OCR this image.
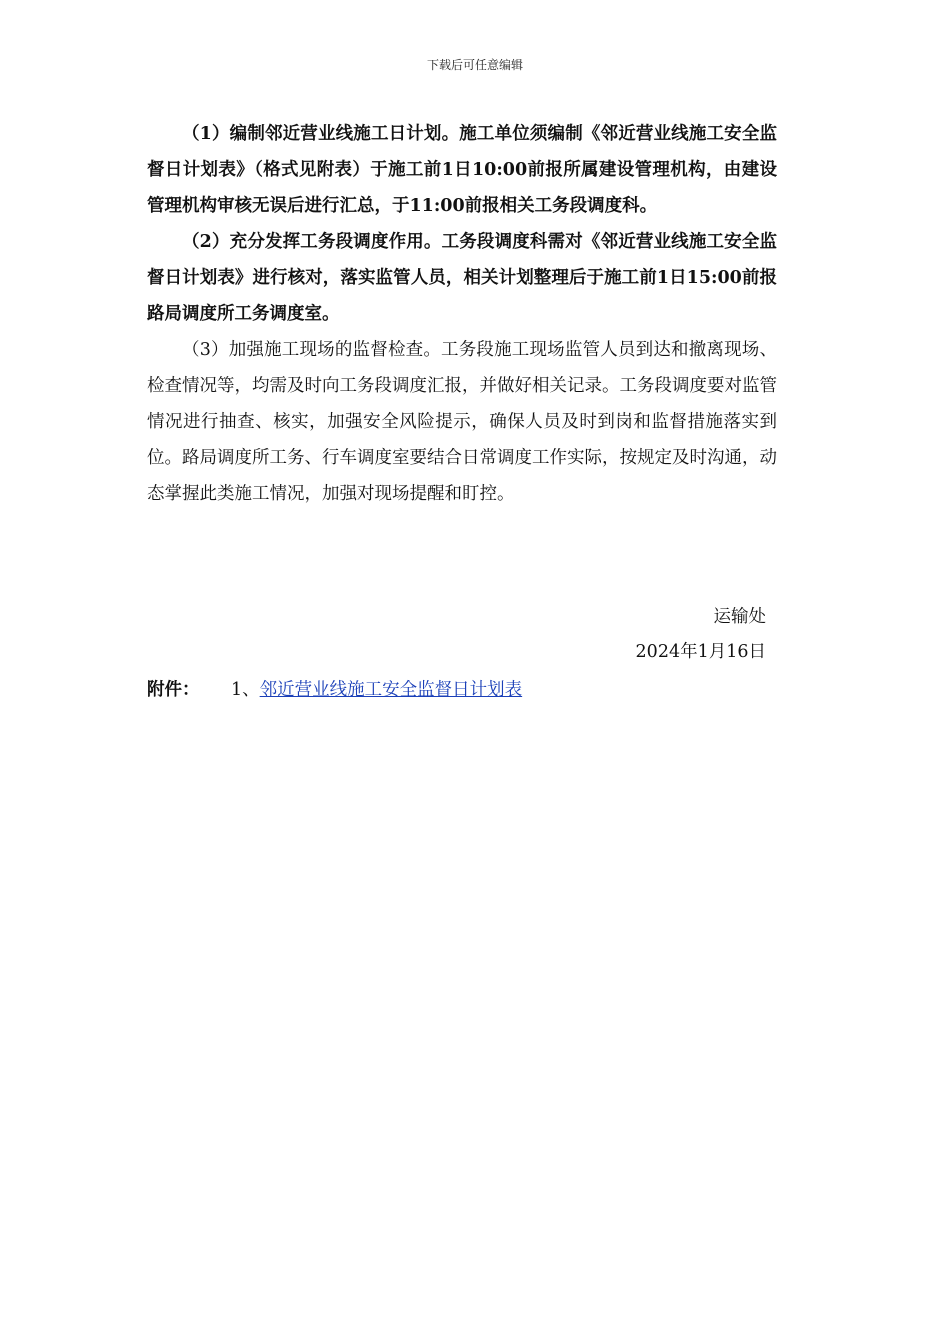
下载后可任意编辑

（1）编制邻近营业线施工日计划。施工单位须编制《邻近营业线施工安全监督日计划表》（格式见附表）于施工前1日10:00前报所属建设管理机构，由建设管理机构审核无误后进行汇总，于11:00前报相关工务段调度科。

（2）充分发挥工务段调度作用。工务段调度科需对《邻近营业线施工安全监督日计划表》进行核对，落实监管人员，相关计划整理后于施工前1日15:00前报路局调度所工务调度室。

（3）加强施工现场的监督检查。工务段施工现场监管人员到达和撤离现场、检查情况等，均需及时向工务段调度汇报，并做好相关记录。工务段调度要对监管情况进行抽查、核实，加强安全风险提示，确保人员及时到岗和监督措施落实到位。路局调度所工务、行车调度室要结合日常调度工作实际，按规定及时沟通，动态掌握此类施工情况，加强对现场提醒和盯控。

运输处
2024年1月16日
附件： 1、邻近营业线施工安全监督日计划表
